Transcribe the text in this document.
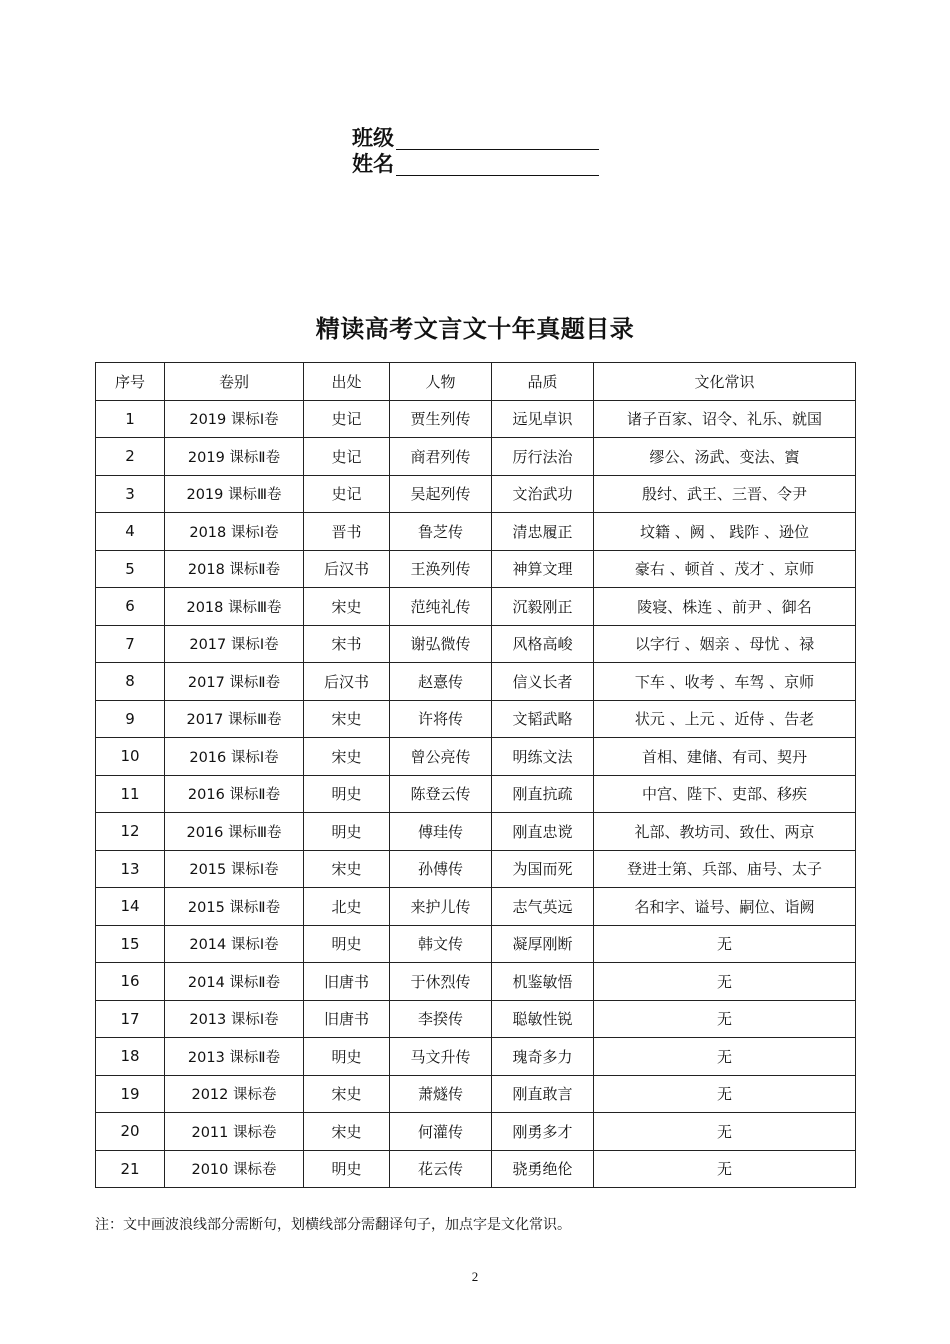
班级
姓名
精读高考文言文十年真题目录
序号	卷别	出处	人物	品质	文化常识
1	2019 课标Ⅰ卷	史记	贾生列传	远见卓识	诸子百家、诏令、礼乐、就国
2	2019 课标Ⅱ卷	史记	商君列传	厉行法治	缪公、汤武、变法、賨
3	2019 课标Ⅲ卷	史记	吴起列传	文治武功	殷纣、武王、三晋、令尹
4	2018 课标Ⅰ卷	晋书	鲁芝传	清忠履正	坟籍 、阙 、 践阼 、逊位
5	2018 课标Ⅱ卷	后汉书	王涣列传	神算文理	豪右 、顿首 、茂才 、京师
6	2018 课标Ⅲ卷	宋史	范纯礼传	沉毅刚正	陵寝、株连 、前尹 、御名
7	2017 课标Ⅰ卷	宋书	谢弘微传	风格高峻	以字行 、姻亲 、母忧 、禄
8	2017 课标Ⅱ卷	后汉书	赵憙传	信义长者	下车 、收考 、车驾 、京师
9	2017 课标Ⅲ卷	宋史	许将传	文韬武略	状元 、上元 、近侍 、告老
10	2016 课标Ⅰ卷	宋史	曾公亮传	明练文法	首相、建储、有司、契丹
11	2016 课标Ⅱ卷	明史	陈登云传	刚直抗疏	中宫、陛下、吏部、移疾
12	2016 课标Ⅲ卷	明史	傅珪传	刚直忠谠	礼部、教坊司、致仕、两京
13	2015 课标Ⅰ卷	宋史	孙傅传	为国而死	登进士第、兵部、庙号、太子
14	2015 课标Ⅱ卷	北史	来护儿传	志气英远	名和字、谥号、嗣位、诣阙
15	2014 课标Ⅰ卷	明史	韩文传	凝厚刚断	无
16	2014 课标Ⅱ卷	旧唐书	于休烈传	机鉴敏悟	无
17	2013 课标Ⅰ卷	旧唐书	李揆传	聪敏性锐	无
18	2013 课标Ⅱ卷	明史	马文升传	瑰奇多力	无
19	2012 课标卷	宋史	萧燧传	刚直敢言	无
20	2011 课标卷	宋史	何灌传	刚勇多才	无
21	2010 课标卷	明史	花云传	骁勇绝伦	无
注：文中画波浪线部分需断句，划横线部分需翻译句子，加点字是文化常识。
2
